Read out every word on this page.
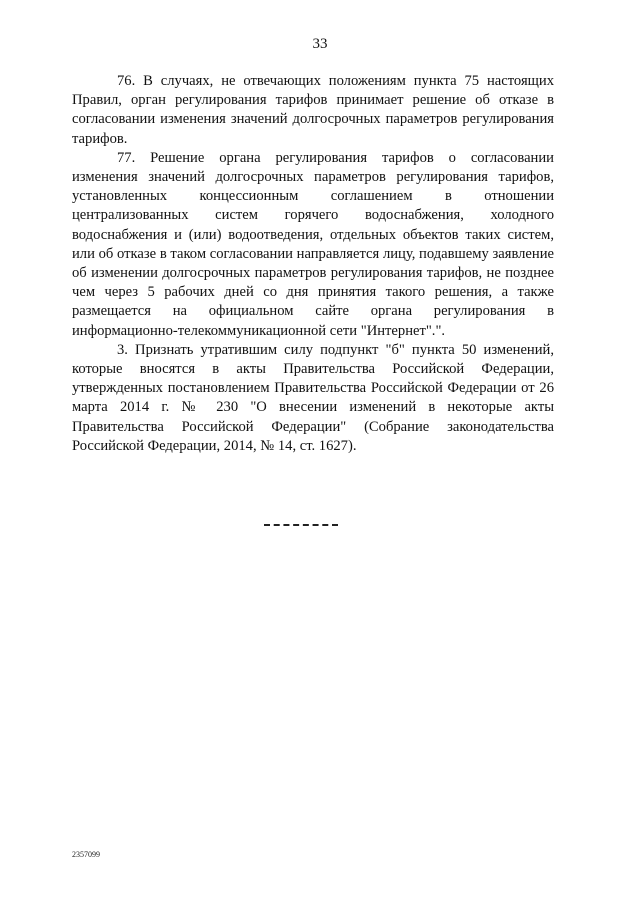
33

76. В случаях, не отвечающих положениям пункта 75 настоящих Правил, орган регулирования тарифов принимает решение об отказе в согласовании изменения значений долгосрочных параметров регулирования тарифов.

77. Решение органа регулирования тарифов о согласовании изменения значений долгосрочных параметров регулирования тарифов, установленных концессионным соглашением в отношении централизованных систем горячего водоснабжения, холодного водоснабжения и (или) водоотведения, отдельных объектов таких систем, или об отказе в таком согласовании направляется лицу, подавшему заявление об изменении долгосрочных параметров регулирования тарифов, не позднее чем через 5 рабочих дней со дня принятия такого решения, а также размещается на официальном сайте органа регулирования в информационно-телекоммуникационной сети "Интернет".".

3. Признать утратившим силу подпункт "б" пункта 50 изменений, которые вносятся в акты Правительства Российской Федерации, утвержденных постановлением Правительства Российской Федерации от 26 марта 2014 г. № 230 "О внесении изменений в некоторые акты Правительства Российской Федерации" (Собрание законодательства Российской Федерации, 2014, № 14, ст. 1627).

2357099
